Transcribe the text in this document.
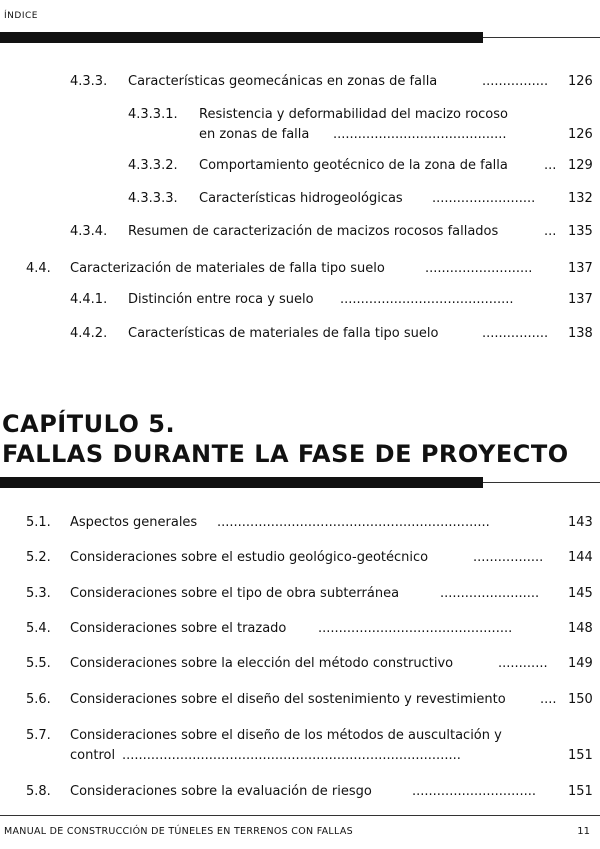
ÍNDICE
4.3.3. Características geomecánicas en zonas de falla	................ 126
4.3.3.1. Resistencia y deformabilidad del macizo rocoso
en zonas de falla ..........................................	126
4.3.3.2. Comportamiento geotécnico de la zona de falla	... 129
4.3.3.3. Características hidrogeológicas .........................	132
4.3.4. Resumen de caracterización de macizos rocosos fallados	... 135
4.4. Caracterización de materiales de falla tipo suelo	..........................	137
4.4.1. Distinción entre roca y suelo ..........................................	137
4.4.2. Características de materiales de falla tipo suelo	................ 138
CAPÍTULO 5.
FALLAS DURANTE LA FASE DE PROYECTO
5.1. Aspectos generales ..................................................................	143
5.2. Consideraciones sobre el estudio geológico-geotécnico	................. 144
5.3. Consideraciones sobre el tipo de obra subterránea	........................ 145
5.4. Consideraciones sobre el trazado ...............................................	148
5.5. Consideraciones sobre la elección del método constructivo	............ 149
5.6. Consideraciones sobre el diseño del sostenimiento y revestimiento	.... 150
5.7. Consideraciones sobre el diseño de los métodos de auscultación y
control ..................................................................................	151
5.8. Consideraciones sobre la evaluación de riesgo	.............................. 151
MANUAL DE CONSTRUCCIÓN DE TÚNELES EN TERRENOS CON FALLAS	11
